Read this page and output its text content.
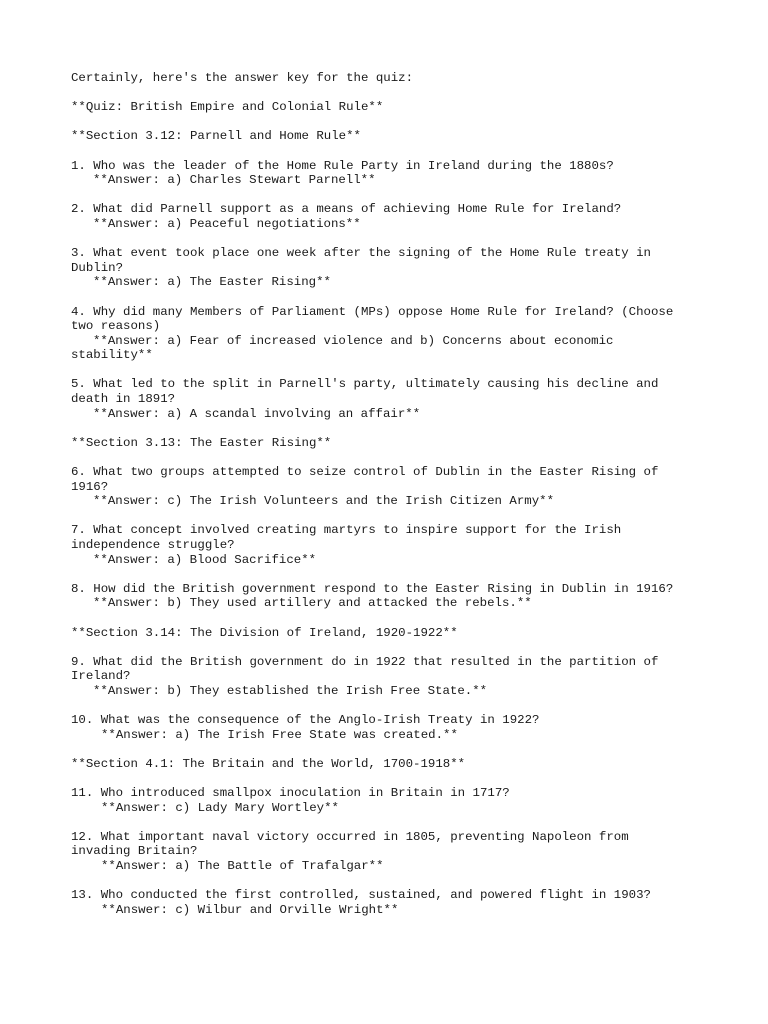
Certainly, here's the answer key for the quiz:
**Quiz: British Empire and Colonial Rule**
**Section 3.12: Parnell and Home Rule**
1. Who was the leader of the Home Rule Party in Ireland during the 1880s?
**Answer: a) Charles Stewart Parnell**
2. What did Parnell support as a means of achieving Home Rule for Ireland?
**Answer: a) Peaceful negotiations**
3. What event took place one week after the signing of the Home Rule treaty in
Dublin?
**Answer: a) The Easter Rising**
4. Why did many Members of Parliament (MPs) oppose Home Rule for Ireland? (Choose
two reasons)
**Answer: a) Fear of increased violence and b) Concerns about economic
stability**
5. What led to the split in Parnell's party, ultimately causing his decline and
death in 1891?
**Answer: a) A scandal involving an affair**
**Section 3.13: The Easter Rising**
6. What two groups attempted to seize control of Dublin in the Easter Rising of
1916?
**Answer: c) The Irish Volunteers and the Irish Citizen Army**
7. What concept involved creating martyrs to inspire support for the Irish
independence struggle?
**Answer: a) Blood Sacrifice**
8. How did the British government respond to the Easter Rising in Dublin in 1916?
**Answer: b) They used artillery and attacked the rebels.**
**Section 3.14: The Division of Ireland, 1920-1922**
9. What did the British government do in 1922 that resulted in the partition of
Ireland?
**Answer: b) They established the Irish Free State.**
10. What was the consequence of the Anglo-Irish Treaty in 1922?
**Answer: a) The Irish Free State was created.**
**Section 4.1: The Britain and the World, 1700-1918**
11. Who introduced smallpox inoculation in Britain in 1717?
**Answer: c) Lady Mary Wortley**
12. What important naval victory occurred in 1805, preventing Napoleon from
invading Britain?
**Answer: a) The Battle of Trafalgar**
13. Who conducted the first controlled, sustained, and powered flight in 1903?
**Answer: c) Wilbur and Orville Wright**
